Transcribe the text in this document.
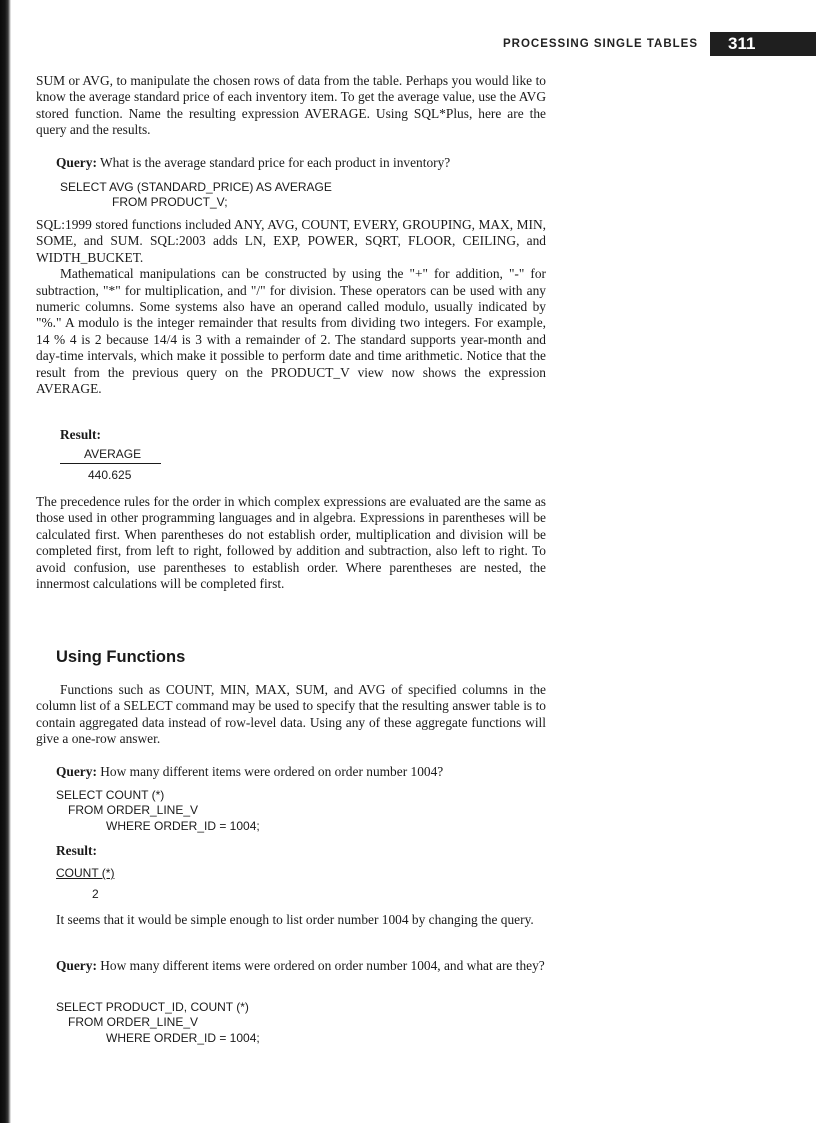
PROCESSING SINGLE TABLES	311

SUM or AVG, to manipulate the chosen rows of data from the table. Perhaps you would like to know the average standard price of each inventory item. To get the average value, use the AVG stored function. Name the resulting expression AVERAGE. Using SQL*Plus, here are the query and the results.

Query: What is the average standard price for each product in inventory?
SELECT AVG (STANDARD_PRICE) AS AVERAGE
FROM PRODUCT_V;

SQL:1999 stored functions included ANY, AVG, COUNT, EVERY, GROUPING, MAX, MIN, SOME, and SUM. SQL:2003 adds LN, EXP, POWER, SQRT, FLOOR, CEILING, and WIDTH_BUCKET.

Mathematical manipulations can be constructed by using the "+" for addition, "-" for subtraction, "*" for multiplication, and "/" for division. These operators can be used with any numeric columns. Some systems also have an operand called modulo, usually indicated by "%." A modulo is the integer remainder that results from dividing two integers. For example, 14 % 4 is 2 because 14/4 is 3 with a remainder of 2. The standard supports year-month and day-time intervals, which make it possible to perform date and time arithmetic. Notice that the result from the previous query on the PRODUCT_V view now shows the expression AVERAGE.

Result:
AVERAGE
440.625

The precedence rules for the order in which complex expressions are evaluated are the same as those used in other programming languages and in algebra. Expressions in parentheses will be calculated first. When parentheses do not establish order, multiplication and division will be completed first, from left to right, followed by addition and subtraction, also left to right. To avoid confusion, use parentheses to establish order. Where parentheses are nested, the innermost calculations will be completed first.

Using Functions

Functions such as COUNT, MIN, MAX, SUM, and AVG of specified columns in the column list of a SELECT command may be used to specify that the resulting answer table is to contain aggregated data instead of row-level data. Using any of these aggregate functions will give a one-row answer.

Query: How many different items were ordered on order number 1004?
SELECT COUNT (*)
FROM ORDER_LINE_V
WHERE ORDER_ID = 1004;
Result:
COUNT (*)
2

It seems that it would be simple enough to list order number 1004 by changing the query.

Query: How many different items were ordered on order number 1004, and what are they?
SELECT PRODUCT_ID, COUNT (*)
FROM ORDER_LINE_V
WHERE ORDER_ID = 1004;
